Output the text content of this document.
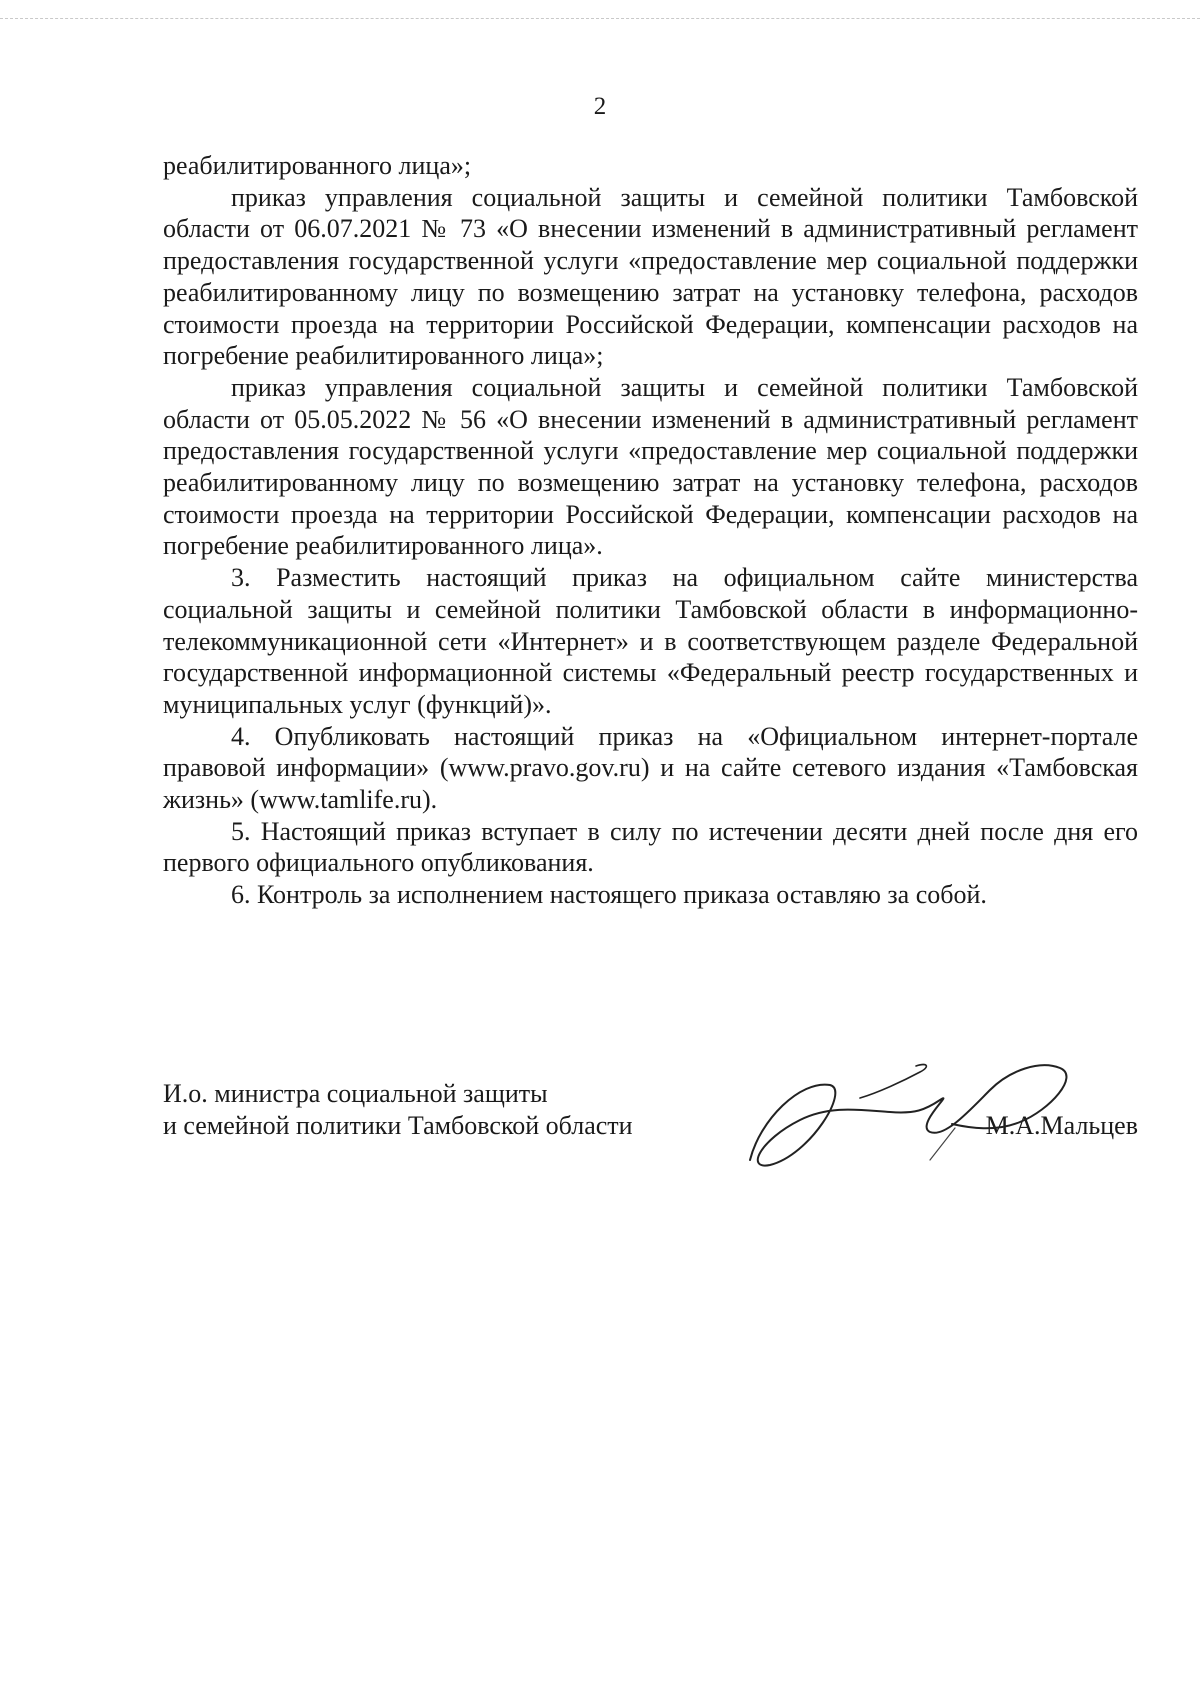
2

реабилитированного лица»;

приказ управления социальной защиты и семейной политики Тамбовской области от 06.07.2021 № 73 «О внесении изменений в административный регламент предоставления государственной услуги «предоставление мер социальной поддержки реабилитированному лицу по возмещению затрат на установку телефона, расходов стоимости проезда на территории Российской Федерации, компенсации расходов на погребение реабилитированного лица»;

приказ управления социальной защиты и семейной политики Тамбовской области от 05.05.2022 № 56 «О внесении изменений в административный регламент предоставления государственной услуги «предоставление мер социальной поддержки реабилитированному лицу по возмещению затрат на установку телефона, расходов стоимости проезда на территории Российской Федерации, компенсации расходов на погребение реабилитированного лица».

3. Разместить настоящий приказ на официальном сайте министерства социальной защиты и семейной политики Тамбовской области в информационно-телекоммуникационной сети «Интернет» и в соответствующем разделе Федеральной государственной информационной системы «Федеральный реестр государственных и муниципальных услуг (функций)».

4. Опубликовать настоящий приказ на «Официальном интернет-портале правовой информации» (www.pravo.gov.ru) и на сайте сетевого издания «Тамбовская жизнь» (www.tamlife.ru).

5. Настоящий приказ вступает в силу по истечении десяти дней после дня его первого официального опубликования.

6. Контроль за исполнением настоящего приказа оставляю за собой.

И.о. министра социальной защиты
и семейной политики Тамбовской области	М.А.Мальцев
